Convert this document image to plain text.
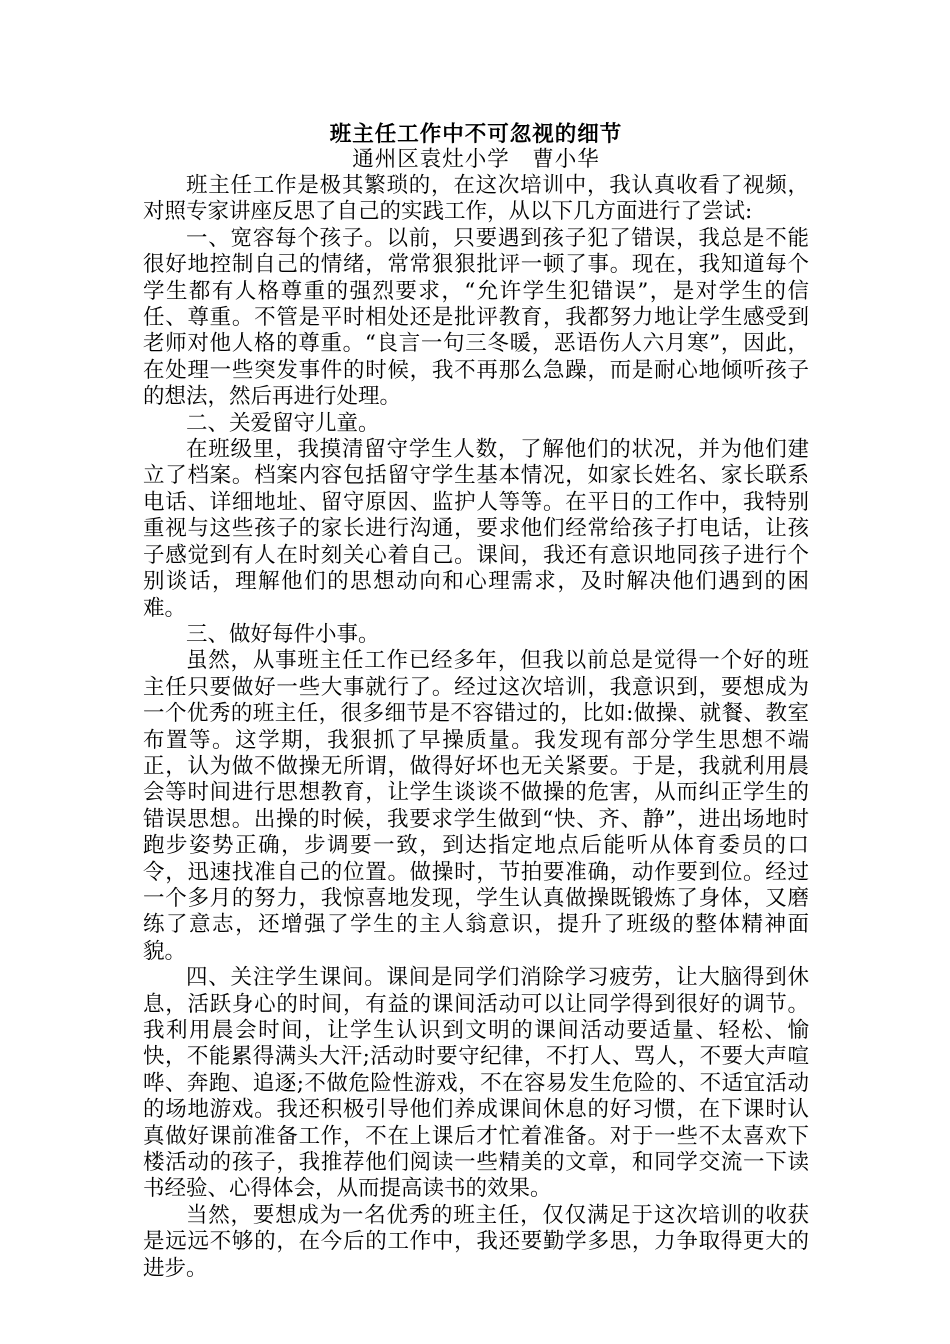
班主任工作中不可忽视的细节
通州区袁灶小学　曹小华

班主任工作是极其繁琐的，在这次培训中，我认真收看了视频，对照专家讲座反思了自己的实践工作，从以下几方面进行了尝试:

一、宽容每个孩子。以前，只要遇到孩子犯了错误，我总是不能很好地控制自己的情绪，常常狠狠批评一顿了事。现在，我知道每个学生都有人格尊重的强烈要求，“允许学生犯错误”，是对学生的信任、尊重。不管是平时相处还是批评教育，我都努力地让学生感受到老师对他人格的尊重。“良言一句三冬暖，恶语伤人六月寒”，因此，在处理一些突发事件的时候，我不再那么急躁，而是耐心地倾听孩子的想法，然后再进行处理。

二、关爱留守儿童。

在班级里，我摸清留守学生人数，了解他们的状况，并为他们建立了档案。档案内容包括留守学生基本情况，如家长姓名、家长联系电话、详细地址、留守原因、监护人等等。在平日的工作中，我特别重视与这些孩子的家长进行沟通，要求他们经常给孩子打电话，让孩子感觉到有人在时刻关心着自己。课间，我还有意识地同孩子进行个别谈话，理解他们的思想动向和心理需求，及时解决他们遇到的困难。

三、做好每件小事。

虽然，从事班主任工作已经多年，但我以前总是觉得一个好的班主任只要做好一些大事就行了。经过这次培训，我意识到，要想成为一个优秀的班主任，很多细节是不容错过的，比如:做操、就餐、教室布置等。这学期，我狠抓了早操质量。我发现有部分学生思想不端正，认为做不做操无所谓，做得好坏也无关紧要。于是，我就利用晨会等时间进行思想教育，让学生谈谈不做操的危害，从而纠正学生的错误思想。出操的时候，我要求学生做到“快、齐、静”，进出场地时跑步姿势正确，步调要一致，到达指定地点后能听从体育委员的口令，迅速找准自己的位置。做操时，节拍要准确，动作要到位。经过一个多月的努力，我惊喜地发现，学生认真做操既锻炼了身体，又磨练了意志，还增强了学生的主人翁意识，提升了班级的整体精神面貌。

四、关注学生课间。课间是同学们消除学习疲劳，让大脑得到休息，活跃身心的时间，有益的课间活动可以让同学得到很好的调节。我利用晨会时间，让学生认识到文明的课间活动要适量、轻松、愉快，不能累得满头大汗;活动时要守纪律，不打人、骂人，不要大声喧哗、奔跑、追逐;不做危险性游戏，不在容易发生危险的、不适宜活动的场地游戏。我还积极引导他们养成课间休息的好习惯，在下课时认真做好课前准备工作，不在上课后才忙着准备。对于一些不太喜欢下楼活动的孩子，我推荐他们阅读一些精美的文章，和同学交流一下读书经验、心得体会，从而提高读书的效果。

当然，要想成为一名优秀的班主任，仅仅满足于这次培训的收获是远远不够的，在今后的工作中，我还要勤学多思，力争取得更大的进步。
